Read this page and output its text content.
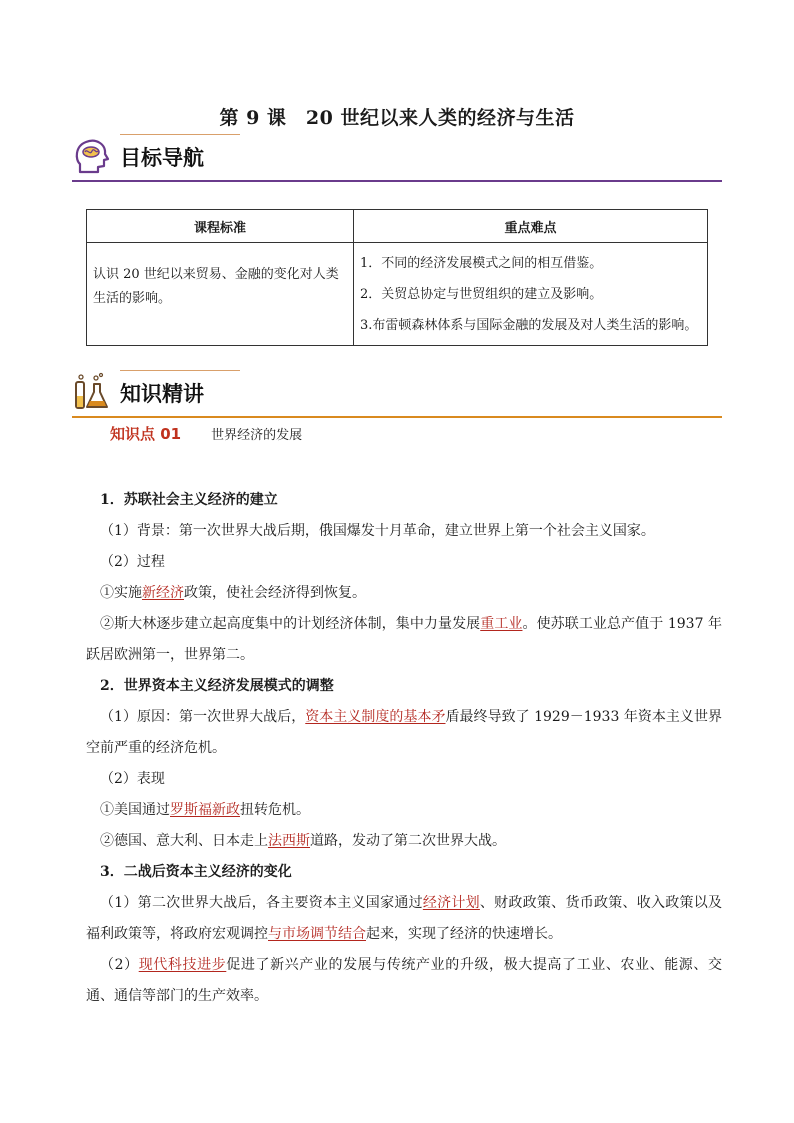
第 9 课　20 世纪以来人类的经济与生活
目标导航
课程标准	重点难点
认识 20 世纪以来贸易、金融的变化对人类生活的影响。	1．不同的经济发展模式之间的相互借鉴。
2．关贸总协定与世贸组织的建立及影响。
3.布雷顿森林体系与国际金融的发展及对人类生活的影响。
知识精讲
知识点 01 世界经济的发展

1．苏联社会主义经济的建立

（1）背景：第一次世界大战后期，俄国爆发十月革命，建立世界上第一个社会主义国家。

（2）过程

①实施新经济政策，使社会经济得到恢复。

②斯大林逐步建立起高度集中的计划经济体制，集中力量发展重工业。使苏联工业总产值于 1937 年跃居欧洲第一，世界第二。

2．世界资本主义经济发展模式的调整

（1）原因：第一次世界大战后，资本主义制度的基本矛盾最终导致了 1929－1933 年资本主义世界空前严重的经济危机。

（2）表现

①美国通过罗斯福新政扭转危机。

②德国、意大利、日本走上法西斯道路，发动了第二次世界大战。

3．二战后资本主义经济的变化

（1）第二次世界大战后，各主要资本主义国家通过经济计划、财政政策、货币政策、收入政策以及福利政策等，将政府宏观调控与市场调节结合起来，实现了经济的快速增长。

（2）现代科技进步促进了新兴产业的发展与传统产业的升级，极大提高了工业、农业、能源、交通、通信等部门的生产效率。
